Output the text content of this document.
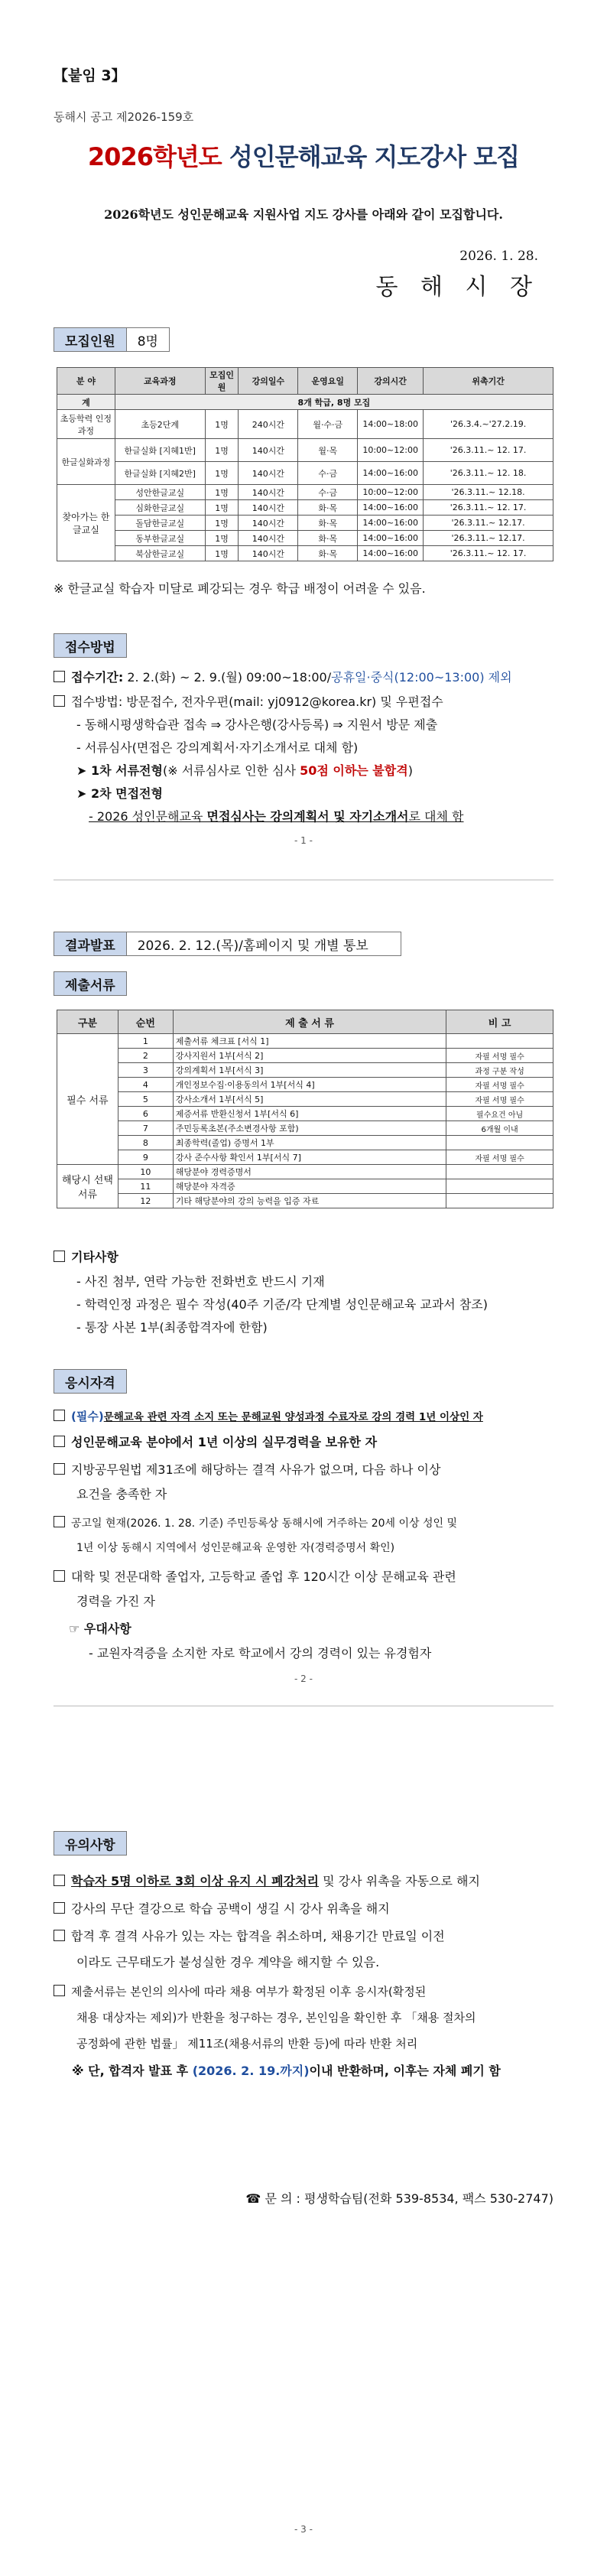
【붙임 3】
동해시 공고 제2026-159호
2026학년도 성인문해교육 지도강사 모집
2026학년도 성인문해교육 지원사업 지도 강사를 아래와 같이 모집합니다.
2026. 1. 28.
동 해 시 장
모집인원	8명
분 야	교육과정	모집인원	강의일수	운영요일	강의시간	위촉기간
계	8개 학급, 8명 모집					
초등학력 인정과정	초등2단계	1명	240시간	월·수·금	14:00~18:00	'26.3.4.~'27.2.19.
한글실화과정	한글실화 [지혜1반]	1명	140시간	월·목	10:00~12:00	'26.3.11.~ 12. 17.
	한글실화 [지혜2반]	1명	140시간	수·금	14:00~16:00	'26.3.11.~ 12. 18.
찾아가는 한글교실	성안한글교실	1명	140시간	수·금	10:00~12:00	'26.3.11.~ 12.18.
	심화한글교실	1명	140시간	화·목	14:00~16:00	'26.3.11.~ 12. 17.
	돌담한글교실	1명	140시간	화·목	14:00~16:00	'26.3.11.~ 12.17.
	동부한글교실	1명	140시간	화·목	14:00~16:00	'26.3.11.~ 12.17.
	북삼한글교실	1명	140시간	화·목	14:00~16:00	'26.3.11.~ 12. 17.
※ 한글교실 학습자 미달로 폐강되는 경우 학급 배정이 어려울 수 있음.
접수방법
접수기간: 2. 2.(화) ~ 2. 9.(월) 09:00~18:00/공휴일·중식(12:00~13:00) 제외
접수방법: 방문접수, 전자우편(mail: yj0912@korea.kr) 및 우편접수
- 동해시평생학습관 접속 ⇒ 강사은행(강사등록) ⇒ 지원서 방문 제출
- 서류심사(면접은 강의계획서·자기소개서로 대체 함)
➤ 1차 서류전형(※ 서류심사로 인한 심사 50점 이하는 불합격)
➤ 2차 면접전형
- 2026 성인문해교육 면접심사는 강의계획서 및 자기소개서로 대체 함
- 1 -
결과발표	2026. 2. 12.(목)/홈페이지 및 개별 통보
제출서류
구분	순번	제 출 서 류	비 고
필수 서류	1	제출서류 체크표 [서식 1]	
	2	강사지원서 1부[서식 2]	자필 서명 필수
	3	강의계획서 1부[서식 3]	과정 구분 작성
	4	개인정보수집·이용동의서 1부[서식 4]	자필 서명 필수
	5	강사소개서 1부[서식 5]	자필 서명 필수
	6	제증서류 반환신청서 1부[서식 6]	필수요건 아님
	7	주민등록초본(주소변경사항 포함)	6개월 이내
	8	최종학력(졸업) 증명서 1부	
	9	강사 준수사항 확인서 1부[서식 7]	자필 서명 필수
해당시 선택 서류	10	해당분야 경력증명서	
	11	해당분야 자격증	
	12	기타 해당분야의 강의 능력을 입증 자료	
기타사항
- 사진 첨부, 연락 가능한 전화번호 반드시 기재
- 학력인정 과정은 필수 작성(40주 기준/각 단계별 성인문해교육 교과서 참조)
- 통장 사본 1부(최종합격자에 한함)
응시자격
(필수)문해교육 관련 자격 소지 또는 문해교원 양성과정 수료자로 강의 경력 1년 이상인 자
성인문해교육 분야에서 1년 이상의 실무경력을 보유한 자
지방공무원법 제31조에 해당하는 결격 사유가 없으며, 다음 하나 이상
요건을 충족한 자
공고일 현재(2026. 1. 28. 기준) 주민등록상 동해시에 거주하는 20세 이상 성인 및
1년 이상 동해시 지역에서 성인문해교육 운영한 자(경력증명서 확인)
대학 및 전문대학 졸업자, 고등학교 졸업 후 120시간 이상 문해교육 관련
경력을 가진 자
☞ 우대사항
- 교원자격증을 소지한 자로 학교에서 강의 경력이 있는 유경험자
- 2 -
유의사항
학습자 5명 이하로 3회 이상 유지 시 폐강처리 및 강사 위촉을 자동으로 해지
강사의 무단 결강으로 학습 공백이 생길 시 강사 위촉을 해지
합격 후 결격 사유가 있는 자는 합격을 취소하며, 채용기간 만료일 이전
이라도 근무태도가 불성실한 경우 계약을 해지할 수 있음.
제출서류는 본인의 의사에 따라 채용 여부가 확정된 이후 응시자(확정된
채용 대상자는 제외)가 반환을 청구하는 경우, 본인임을 확인한 후 「채용 절차의
공정화에 관한 법률」 제11조(채용서류의 반환 등)에 따라 반환 처리
※ 단, 합격자 발표 후 (2026. 2. 19.까지)이내 반환하며, 이후는 자체 폐기 함
☎ 문 의 : 평생학습팀(전화 539-8534, 팩스 530-2747)
- 3 -
